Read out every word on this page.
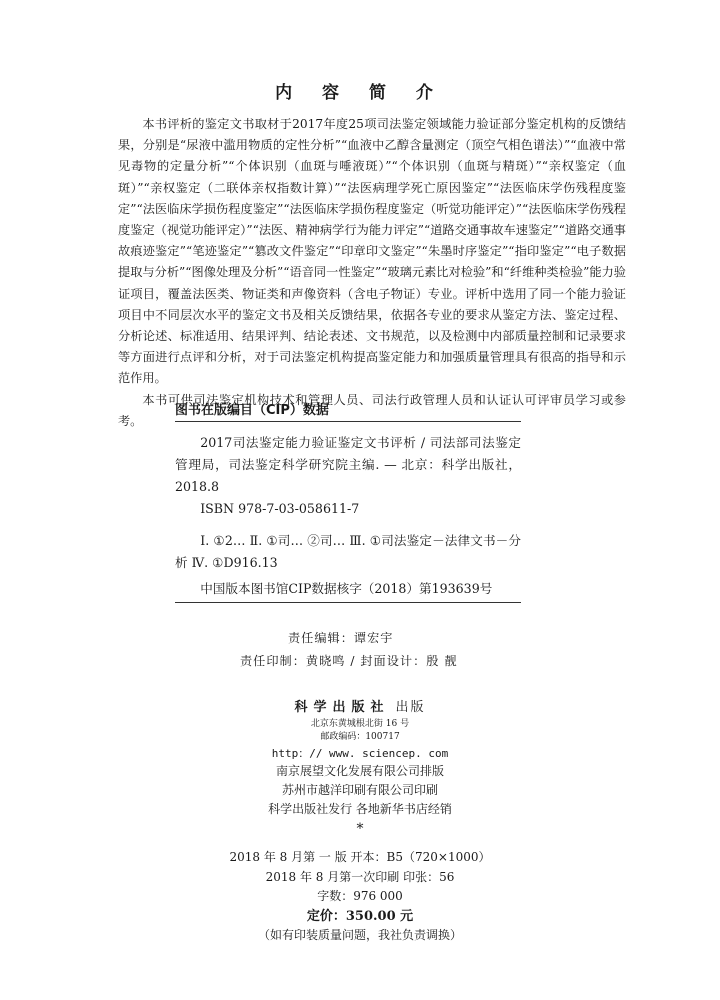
内 容 简 介

本书评析的鉴定文书取材于2017年度25项司法鉴定领域能力验证部分鉴定机构的反馈结果，分别是“尿液中滥用物质的定性分析”“血液中乙醇含量测定（顶空气相色谱法）”“血液中常见毒物的定量分析”“个体识别（血斑与唾液斑）”“个体识别（血斑与精斑）”“亲权鉴定（血斑）”“亲权鉴定（二联体亲权指数计算）”“法医病理学死亡原因鉴定”“法医临床学伤残程度鉴定”“法医临床学损伤程度鉴定”“法医临床学损伤程度鉴定（听觉功能评定）”“法医临床学伤残程度鉴定（视觉功能评定）”“法医、精神病学行为能力评定”“道路交通事故车速鉴定”“道路交通事故痕迹鉴定”“笔迹鉴定”“篡改文件鉴定”“印章印文鉴定”“朱墨时序鉴定”“指印鉴定”“电子数据提取与分析”“图像处理及分析”“语音同一性鉴定”“玻璃元素比对检验”和“纤维种类检验”能力验证项目，覆盖法医类、物证类和声像资料（含电子物证）专业。评析中选用了同一个能力验证项目中不同层次水平的鉴定文书及相关反馈结果，依据各专业的要求从鉴定方法、鉴定过程、分析论述、标准适用、结果评判、结论表述、文书规范，以及检测中内部质量控制和记录要求等方面进行点评和分析，对于司法鉴定机构提高鉴定能力和加强质量管理具有很高的指导和示范作用。

本书可供司法鉴定机构技术和管理人员、司法行政管理人员和认证认可评审员学习或参考。

图书在版编目（CIP）数据

2017司法鉴定能力验证鉴定文书评析 / 司法部司法鉴定管理局，司法鉴定科学研究院主编. — 北京：科学出版社，2018.8

ISBN 978-7-03-058611-7

Ⅰ. ①2… Ⅱ. ①司… ②司… Ⅲ. ①司法鉴定－法律文书－分析 Ⅳ. ①D916.13

中国版本图书馆CIP数据核字（2018）第193639号

责任编辑：谭宏宇
责任印制：黄晓鸣 / 封面设计：殷 靓
科学出版社 出版
北京东黄城根北街 16 号
邮政编码：100717
http：// www. sciencep. com
南京展望文化发展有限公司排版
苏州市越洋印刷有限公司印刷
科学出版社发行 各地新华书店经销
*
2018 年 8 月第 一 版 开本：B5（720×1000）
2018 年 8 月第一次印刷 印张：56
字数：976 000
定价：350.00 元
（如有印装质量问题，我社负责调换）
